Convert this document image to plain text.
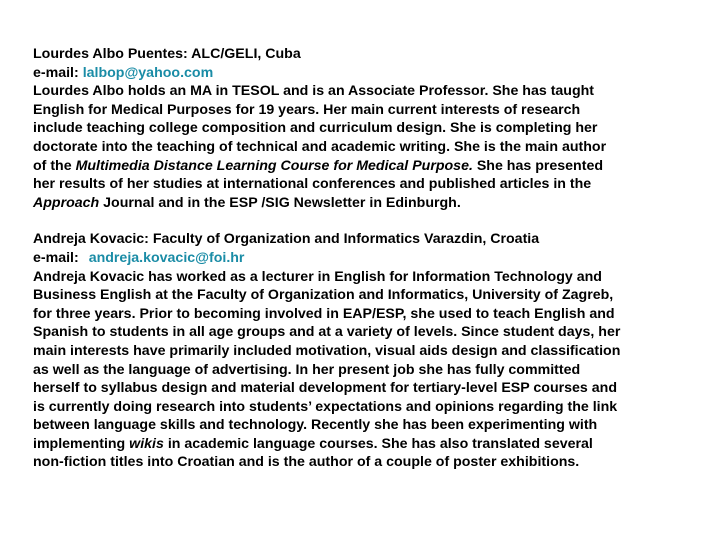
Lourdes Albo Puentes: ALC/GELI, Cuba
e-mail: lalbop@yahoo.com
Lourdes Albo holds an MA in TESOL and is an Associate Professor. She has taught
English for Medical Purposes for 19 years. Her main current interests of research
include teaching college composition and curriculum design. She is completing her
doctorate into the teaching of technical and academic writing. She is the main author
of the Multimedia Distance Learning Course for Medical Purpose. She has presented
her results of her studies at international conferences and published articles in the
Approach Journal and in the ESP /SIG Newsletter in Edinburgh.
Andreja Kovacic: Faculty of Organization and Informatics Varazdin, Croatia
e-mail: andreja.kovacic@foi.hr
Andreja Kovacic has worked as a lecturer in English for Information Technology and
Business English at the Faculty of Organization and Informatics, University of Zagreb,
for three years. Prior to becoming involved in EAP/ESP, she used to teach English and
Spanish to students in all age groups and at a variety of levels. Since student days, her
main interests have primarily included motivation, visual aids design and classification
as well as the language of advertising. In her present job she has fully committed
herself to syllabus design and material development for tertiary-level ESP courses and
is currently doing research into students’ expectations and opinions regarding the link
between language skills and technology. Recently she has been experimenting with
implementing wikis in academic language courses. She has also translated several
non-fiction titles into Croatian and is the author of a couple of poster exhibitions.
